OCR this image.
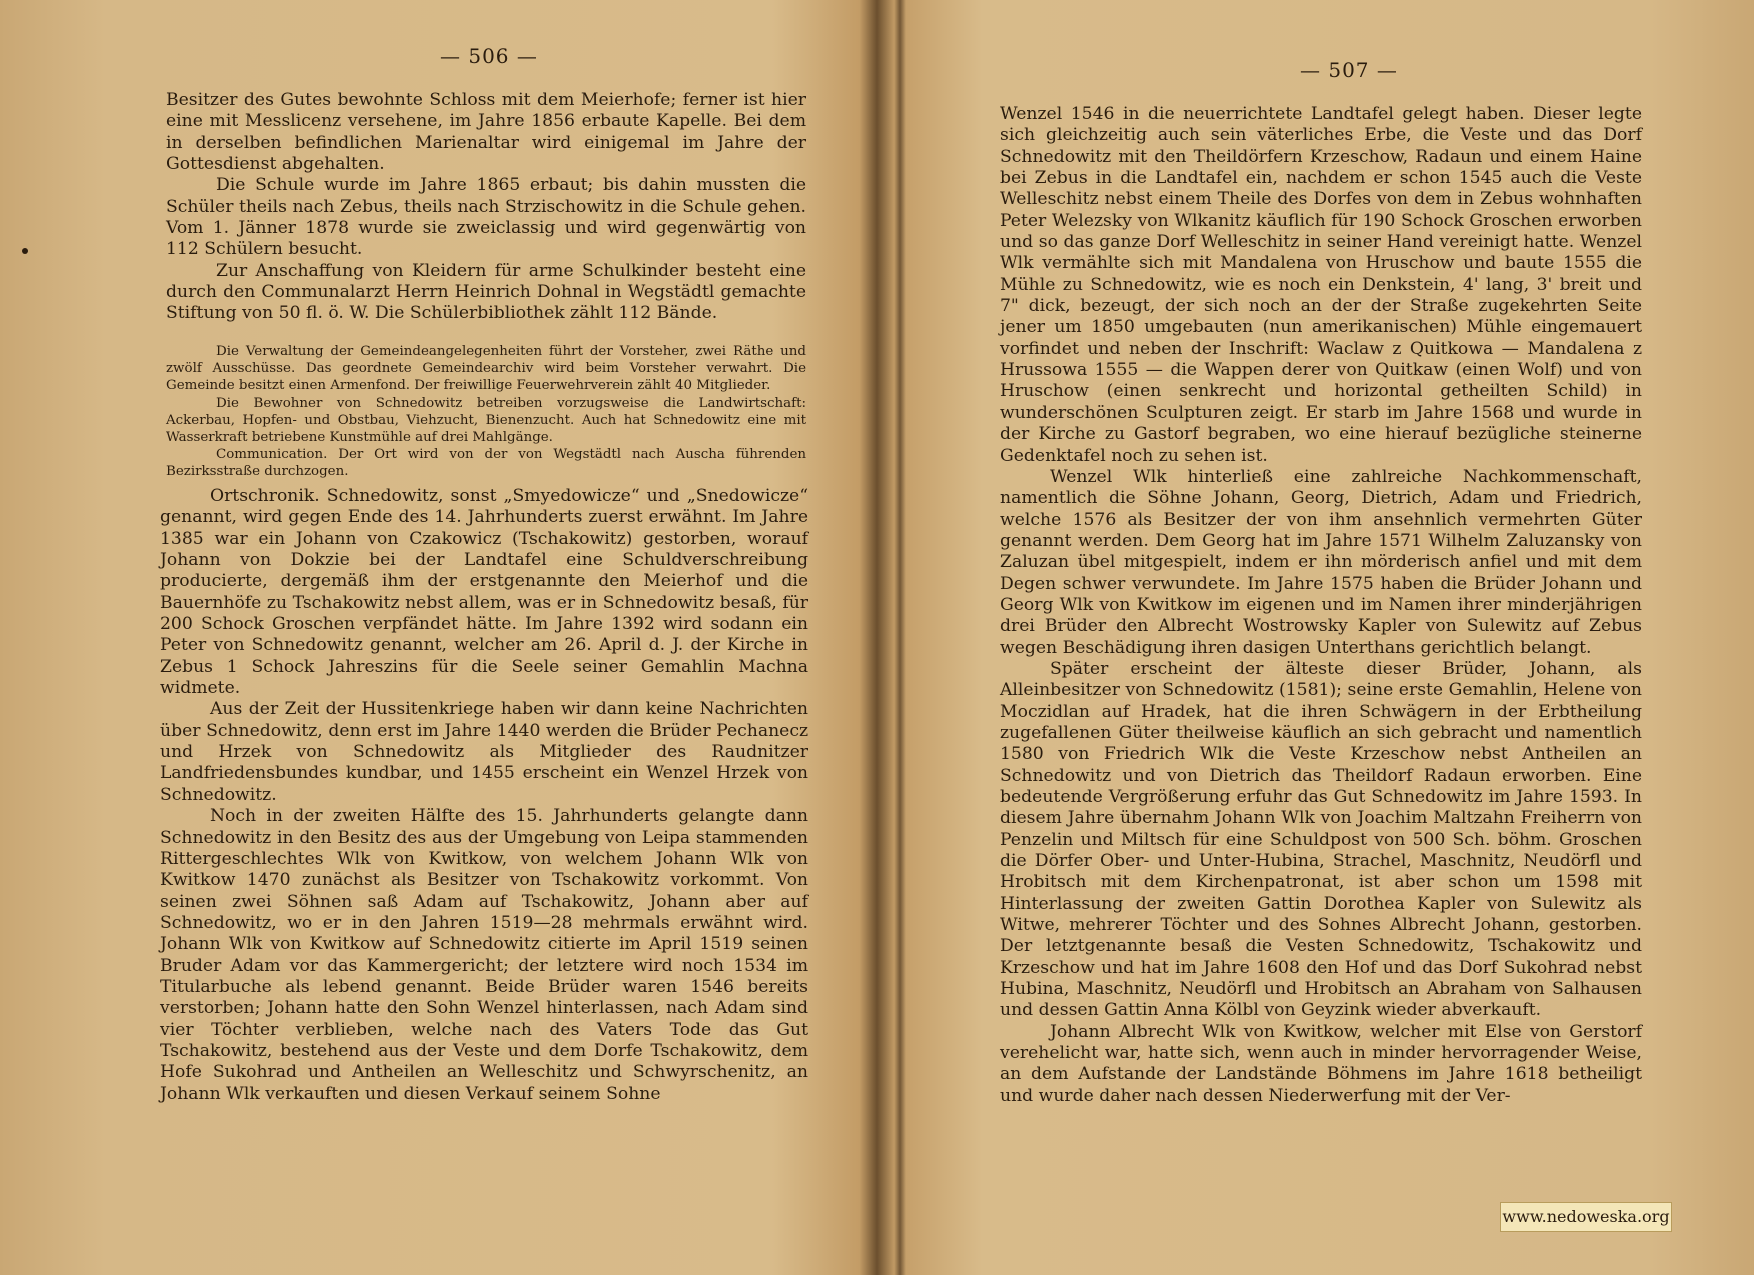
— 506 —

Besitzer des Gutes bewohnte Schloss mit dem Meierhofe; ferner ist hier eine mit Messlicenz versehene, im Jahre 1856 erbaute Kapelle. Bei dem in derselben befindlichen Marienaltar wird einigemal im Jahre der Gottesdienst abgehalten.

Die Schule wurde im Jahre 1865 erbaut; bis dahin mussten die Schüler theils nach Zebus, theils nach Strzischowitz in die Schule gehen. Vom 1. Jänner 1878 wurde sie zweiclassig und wird gegenwärtig von 112 Schülern besucht.

Zur Anschaffung von Kleidern für arme Schulkinder besteht eine durch den Communalarzt Herrn Heinrich Dohnal in Wegstädtl gemachte Stiftung von 50 fl. ö. W. Die Schülerbibliothek zählt 112 Bände.

Die Verwaltung der Gemeindeangelegenheiten führt der Vorsteher, zwei Räthe und zwölf Ausschüsse. Das geordnete Gemeindearchiv wird beim Vorsteher verwahrt. Die Gemeinde besitzt einen Armenfond. Der freiwillige Feuerwehrverein zählt 40 Mitglieder.

Die Bewohner von Schnedowitz betreiben vorzugsweise die Landwirtschaft: Ackerbau, Hopfen- und Obstbau, Viehzucht, Bienenzucht. Auch hat Schnedowitz eine mit Wasserkraft betriebene Kunstmühle auf drei Mahlgänge.

Communication. Der Ort wird von der von Wegstädtl nach Auscha führenden Bezirksstraße durchzogen.

Ortschronik. Schnedowitz, sonst „Smyedowicze“ und „Snedowicze“ genannt, wird gegen Ende des 14. Jahrhunderts zuerst erwähnt. Im Jahre 1385 war ein Johann von Czakowicz (Tschakowitz) gestorben, worauf Johann von Dokzie bei der Landtafel eine Schuldverschreibung producierte, dergemäß ihm der erstgenannte den Meierhof und die Bauernhöfe zu Tschakowitz nebst allem, was er in Schnedowitz besaß, für 200 Schock Groschen verpfändet hätte. Im Jahre 1392 wird sodann ein Peter von Schnedowitz genannt, welcher am 26. April d. J. der Kirche in Zebus 1 Schock Jahreszins für die Seele seiner Gemahlin Machna widmete.

Aus der Zeit der Hussitenkriege haben wir dann keine Nachrichten über Schnedowitz, denn erst im Jahre 1440 werden die Brüder Pechanecz und Hrzek von Schnedowitz als Mitglieder des Raudnitzer Landfriedensbundes kundbar, und 1455 erscheint ein Wenzel Hrzek von Schnedowitz.

Noch in der zweiten Hälfte des 15. Jahrhunderts gelangte dann Schnedowitz in den Besitz des aus der Umgebung von Leipa stammenden Rittergeschlechtes Wlk von Kwitkow, von welchem Johann Wlk von Kwitkow 1470 zunächst als Besitzer von Tschakowitz vorkommt. Von seinen zwei Söhnen saß Adam auf Tschakowitz, Johann aber auf Schnedowitz, wo er in den Jahren 1519—28 mehrmals erwähnt wird. Johann Wlk von Kwitkow auf Schnedowitz citierte im April 1519 seinen Bruder Adam vor das Kammergericht; der letztere wird noch 1534 im Titularbuche als lebend genannt. Beide Brüder waren 1546 bereits verstorben; Johann hatte den Sohn Wenzel hinterlassen, nach Adam sind vier Töchter verblieben, welche nach des Vaters Tode das Gut Tschakowitz, bestehend aus der Veste und dem Dorfe Tschakowitz, dem Hofe Sukohrad und Antheilen an Welleschitz und Schwyrschenitz, an Johann Wlk verkauften und diesen Verkauf seinem Sohne

— 507 —

Wenzel 1546 in die neuerrichtete Landtafel gelegt haben. Dieser legte sich gleichzeitig auch sein väterliches Erbe, die Veste und das Dorf Schnedowitz mit den Theildörfern Krzeschow, Radaun und einem Haine bei Zebus in die Landtafel ein, nachdem er schon 1545 auch die Veste Welleschitz nebst einem Theile des Dorfes von dem in Zebus wohnhaften Peter Welezsky von Wlkanitz käuflich für 190 Schock Groschen erworben und so das ganze Dorf Welleschitz in seiner Hand vereinigt hatte. Wenzel Wlk vermählte sich mit Mandalena von Hruschow und baute 1555 die Mühle zu Schnedowitz, wie es noch ein Denkstein, 4' lang, 3' breit und 7" dick, bezeugt, der sich noch an der der Straße zugekehrten Seite jener um 1850 umgebauten (nun amerikanischen) Mühle eingemauert vorfindet und neben der Inschrift: Waclaw z Quitkowa — Mandalena z Hrussowa 1555 — die Wappen derer von Quitkaw (einen Wolf) und von Hruschow (einen senkrecht und horizontal getheilten Schild) in wunderschönen Sculpturen zeigt. Er starb im Jahre 1568 und wurde in der Kirche zu Gastorf begraben, wo eine hierauf bezügliche steinerne Gedenktafel noch zu sehen ist.

Wenzel Wlk hinterließ eine zahlreiche Nachkommenschaft, namentlich die Söhne Johann, Georg, Dietrich, Adam und Friedrich, welche 1576 als Besitzer der von ihm ansehnlich vermehrten Güter genannt werden. Dem Georg hat im Jahre 1571 Wilhelm Zaluzansky von Zaluzan übel mitgespielt, indem er ihn mörderisch anfiel und mit dem Degen schwer verwundete. Im Jahre 1575 haben die Brüder Johann und Georg Wlk von Kwitkow im eigenen und im Namen ihrer minderjährigen drei Brüder den Albrecht Wostrowsky Kapler von Sulewitz auf Zebus wegen Beschädigung ihren dasigen Unterthans gerichtlich belangt.

Später erscheint der älteste dieser Brüder, Johann, als Alleinbesitzer von Schnedowitz (1581); seine erste Gemahlin, Helene von Moczidlan auf Hradek, hat die ihren Schwägern in der Erbtheilung zugefallenen Güter theilweise käuflich an sich gebracht und namentlich 1580 von Friedrich Wlk die Veste Krzeschow nebst Antheilen an Schnedowitz und von Dietrich das Theildorf Radaun erworben. Eine bedeutende Vergrößerung erfuhr das Gut Schnedowitz im Jahre 1593. In diesem Jahre übernahm Johann Wlk von Joachim Maltzahn Freiherrn von Penzelin und Miltsch für eine Schuldpost von 500 Sch. böhm. Groschen die Dörfer Ober- und Unter-Hubina, Strachel, Maschnitz, Neudörfl und Hrobitsch mit dem Kirchenpatronat, ist aber schon um 1598 mit Hinterlassung der zweiten Gattin Dorothea Kapler von Sulewitz als Witwe, mehrerer Töchter und des Sohnes Albrecht Johann, gestorben. Der letztgenannte besaß die Vesten Schnedowitz, Tschakowitz und Krzeschow und hat im Jahre 1608 den Hof und das Dorf Sukohrad nebst Hubina, Maschnitz, Neudörfl und Hrobitsch an Abraham von Salhausen und dessen Gattin Anna Kölbl von Geyzink wieder abverkauft.

Johann Albrecht Wlk von Kwitkow, welcher mit Else von Gerstorf verehelicht war, hatte sich, wenn auch in minder hervorragender Weise, an dem Aufstande der Landstände Böhmens im Jahre 1618 betheiligt und wurde daher nach dessen Niederwerfung mit der Ver-

www.nedoweska.org
